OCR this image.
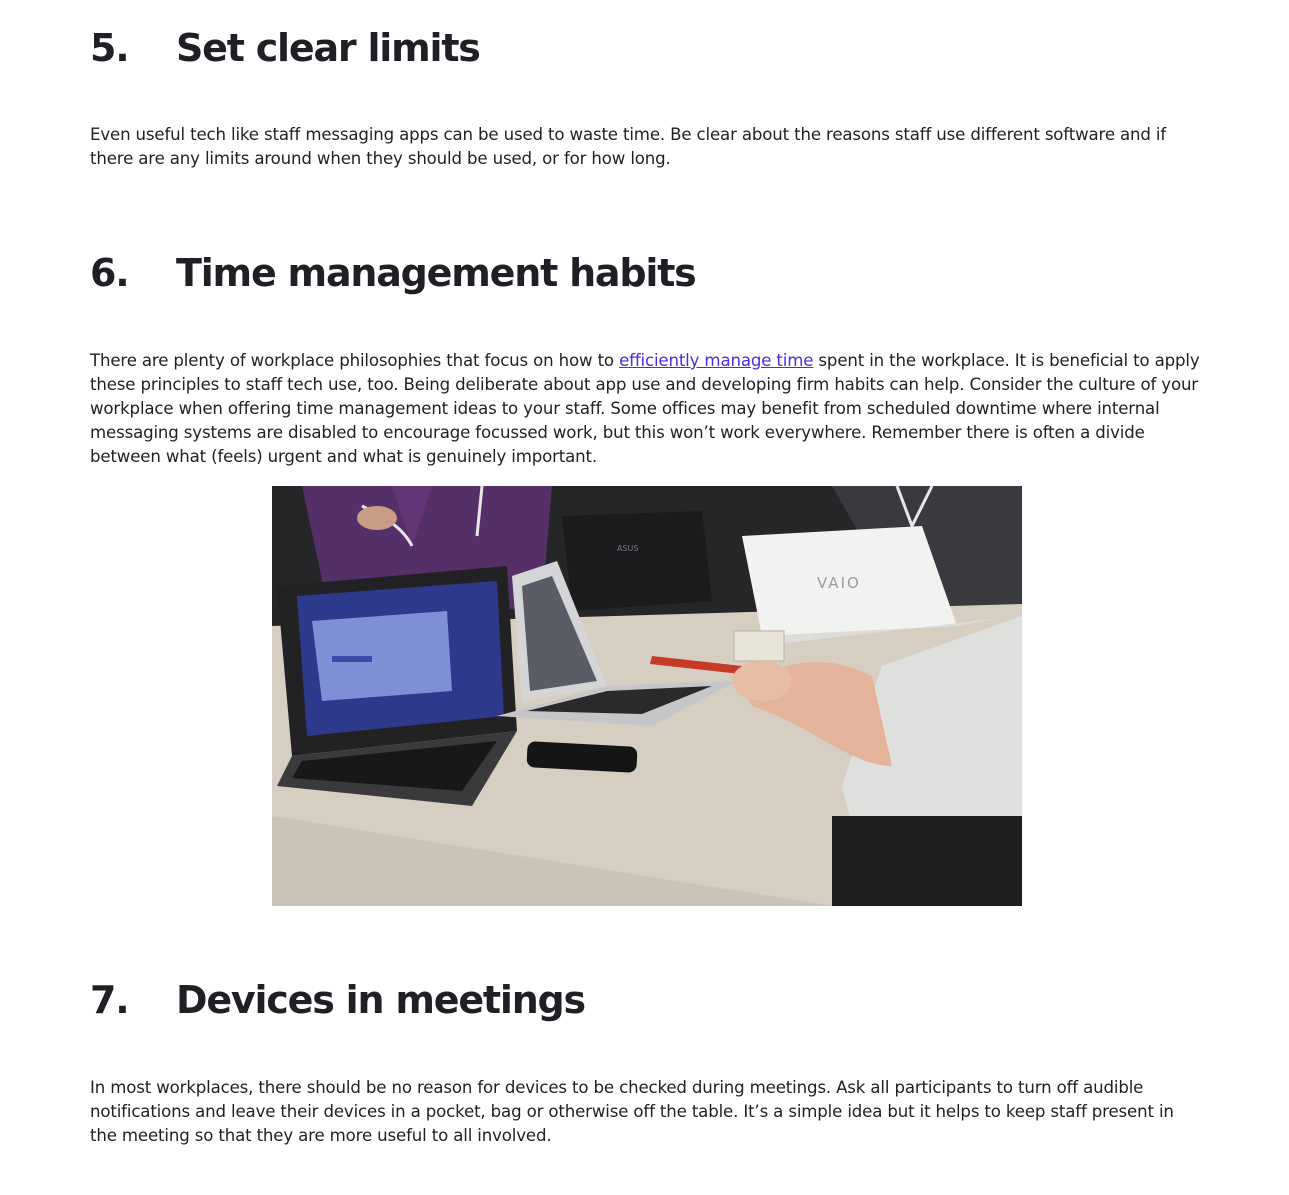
5. Set clear limits

Even useful tech like staff messaging apps can be used to waste time. Be clear about the reasons staff use different software and if there are any limits around when they should be used, or for how long.

6. Time management habits

There are plenty of workplace philosophies that focus on how to efficiently manage time spent in the workplace. It is beneficial to apply these principles to staff tech use, too. Being deliberate about app use and developing firm habits can help. Consider the culture of your workplace when offering time management ideas to your staff. Some offices may benefit from scheduled downtime where internal messaging systems are disabled to encourage focussed work, but this won’t work everywhere. Remember there is often a divide between what (feels) urgent and what is genuinely important.

ASUS
VAIO
7. Devices in meetings

In most workplaces, there should be no reason for devices to be checked during meetings. Ask all participants to turn off audible notifications and leave their devices in a pocket, bag or otherwise off the table. It’s a simple idea but it helps to keep staff present in the meeting so that they are more useful to all involved.
